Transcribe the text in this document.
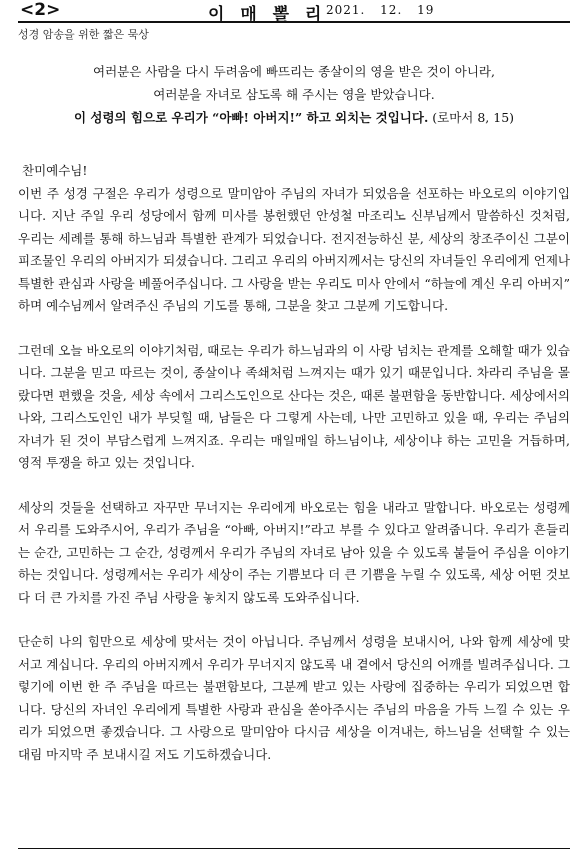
<2>	이 매 뽈 리 2021. 12. 19
성경 암송을 위한 짧은 묵상
여러분은 사람을 다시 두려움에 빠뜨리는 종살이의 영을 받은 것이 아니라,
여러분을 자녀로 삼도록 해 주시는 영을 받았습니다.
이 성령의 힘으로 우리가 “아빠! 아버지!” 하고 외치는 것입니다. (로마서 8, 15)

찬미예수님!

이번 주 성경 구절은 우리가 성령으로 말미암아 주님의 자녀가 되었음을 선포하는 바오로의 이야기입니다. 지난 주일 우리 성당에서 함께 미사를 봉헌했던 안성철 마조리노 신부님께서 말씀하신 것처럼, 우리는 세례를 통해 하느님과 특별한 관계가 되었습니다. 전지전능하신 분, 세상의 창조주이신 그분이 피조물인 우리의 아버지가 되셨습니다. 그리고 우리의 아버지께서는 당신의 자녀들인 우리에게 언제나 특별한 관심과 사랑을 베풀어주십니다. 그 사랑을 받는 우리도 미사 안에서 “하늘에 계신 우리 아버지” 하며 예수님께서 알려주신 주님의 기도를 통해, 그분을 찾고 그분께 기도합니다.

그런데 오늘 바오로의 이야기처럼, 때로는 우리가 하느님과의 이 사랑 넘치는 관계를 오해할 때가 있습니다. 그분을 믿고 따르는 것이, 종살이나 족쇄처럼 느껴지는 때가 있기 때문입니다. 차라리 주님을 몰랐다면 편했을 것을, 세상 속에서 그리스도인으로 산다는 것은, 때론 불편함을 동반합니다. 세상에서의 나와, 그리스도인인 내가 부딪힐 때, 남들은 다 그렇게 사는데, 나만 고민하고 있을 때, 우리는 주님의 자녀가 된 것이 부담스럽게 느껴지죠. 우리는 매일매일 하느님이냐, 세상이냐 하는 고민을 거듭하며, 영적 투쟁을 하고 있는 것입니다.

세상의 것들을 선택하고 자꾸만 무너지는 우리에게 바오로는 힘을 내라고 말합니다. 바오로는 성령께서 우리를 도와주시어, 우리가 주님을 “아빠, 아버지!”라고 부를 수 있다고 알려줍니다. 우리가 흔들리는 순간, 고민하는 그 순간, 성령께서 우리가 주님의 자녀로 남아 있을 수 있도록 붙들어 주심을 이야기하는 것입니다. 성령께서는 우리가 세상이 주는 기쁨보다 더 큰 기쁨을 누릴 수 있도록, 세상 어떤 것보다 더 큰 가치를 가진 주님 사랑을 놓치지 않도록 도와주십니다.

단순히 나의 힘만으로 세상에 맞서는 것이 아닙니다. 주님께서 성령을 보내시어, 나와 함께 세상에 맞서고 계십니다. 우리의 아버지께서 우리가 무너지지 않도록 내 곁에서 당신의 어깨를 빌려주십니다. 그렇기에 이번 한 주 주님을 따르는 불편함보다, 그분께 받고 있는 사랑에 집중하는 우리가 되었으면 합니다. 당신의 자녀인 우리에게 특별한 사랑과 관심을 쏟아주시는 주님의 마음을 가득 느낄 수 있는 우리가 되었으면 좋겠습니다. 그 사랑으로 말미암아 다시금 세상을 이겨내는, 하느님을 선택할 수 있는 대림 마지막 주 보내시길 저도 기도하겠습니다.
